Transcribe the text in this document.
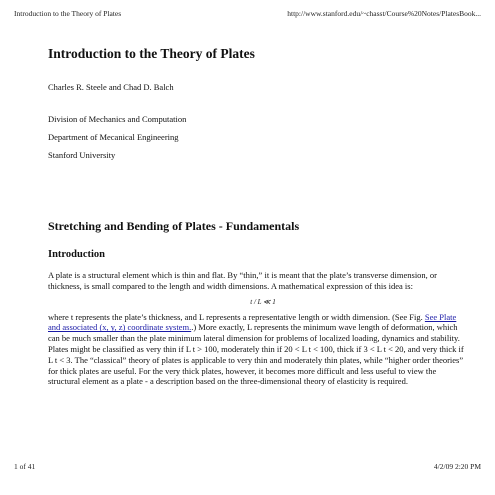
Introduction to the Theory of Plates	http://www.stanford.edu/~chasst/Course%20Notes/PlatesBook...
Introduction to the Theory of Plates
Charles R. Steele and Chad D. Balch
Division of Mechanics and Computation
Department of Mecanical Engineering
Stanford University
Stretching and Bending of Plates - Fundamentals
Introduction

A plate is a structural element which is thin and flat. By “thin,” it is meant that the plate’s transverse dimension, or thickness, is small compared to the length and width dimensions. A mathematical expression of this idea is:

t / L ≪ 1

where t represents the plate’s thickness, and L represents a representative length or width dimension. (See Fig. See Plate and associated (x, y, z) coordinate system..) More exactly, L represents the minimum wave length of deformation, which can be much smaller than the plate minimum lateral dimension for problems of localized loading, dynamics and stability. Plates might be classified as very thin if L t > 100, moderately thin if 20 < L t < 100, thick if 3 < L t < 20, and very thick if L t < 3. The “classical” theory of plates is applicable to very thin and moderately thin plates, while “higher order theories” for thick plates are useful. For the very thick plates, however, it becomes more difficult and less useful to view the structural element as a plate - a description based on the three-dimensional theory of elasticity is required.

1 of 41	4/2/09 2:20 PM
